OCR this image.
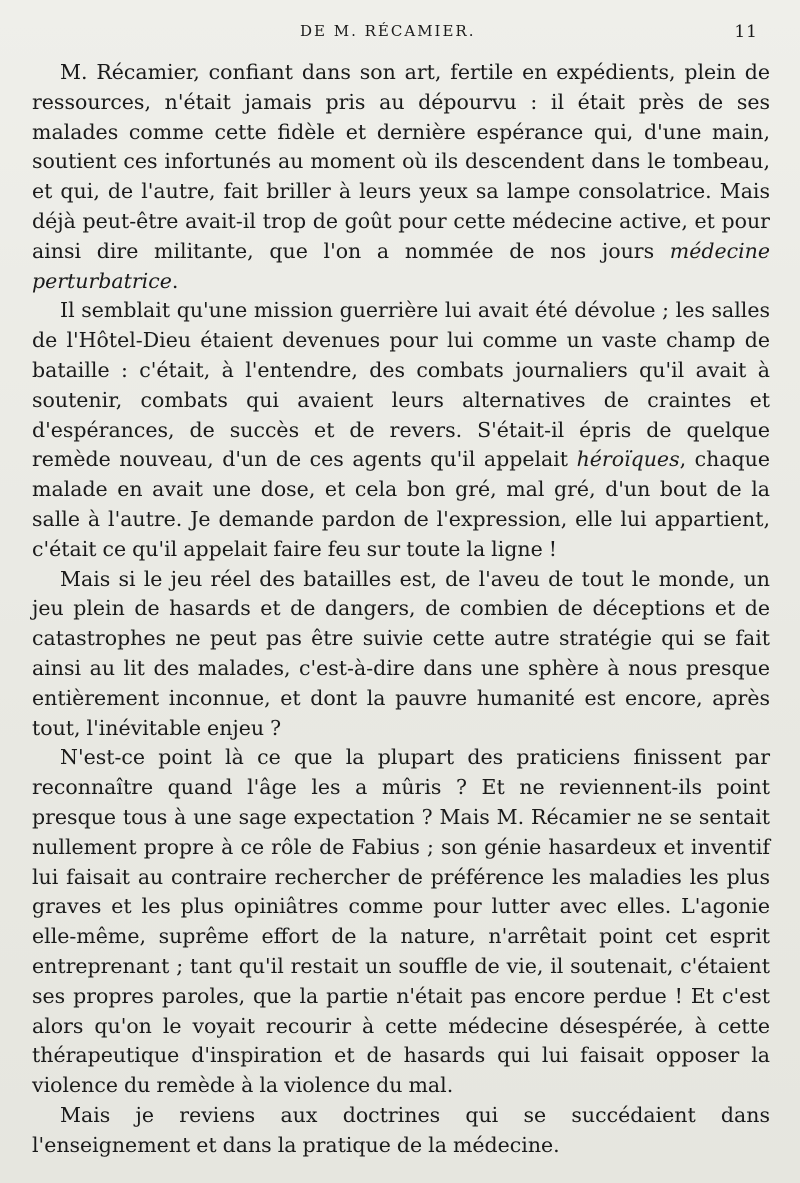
DE M. RÉCAMIER.	11

M. Récamier, confiant dans son art, fertile en expédients, plein de ressources, n'était jamais pris au dépourvu : il était près de ses malades comme cette fidèle et dernière espérance qui, d'une main, soutient ces infortunés au moment où ils descendent dans le tombeau, et qui, de l'autre, fait briller à leurs yeux sa lampe consolatrice. Mais déjà peut-être avait-il trop de goût pour cette médecine active, et pour ainsi dire militante, que l'on a nommée de nos jours médecine perturbatrice.

Il semblait qu'une mission guerrière lui avait été dévolue ; les salles de l'Hôtel-Dieu étaient devenues pour lui comme un vaste champ de bataille : c'était, à l'entendre, des combats journaliers qu'il avait à soutenir, combats qui avaient leurs alternatives de craintes et d'espérances, de succès et de revers. S'était-il épris de quelque remède nouveau, d'un de ces agents qu'il appelait héroïques, chaque malade en avait une dose, et cela bon gré, mal gré, d'un bout de la salle à l'autre. Je demande pardon de l'expression, elle lui appartient, c'était ce qu'il appelait faire feu sur toute la ligne !

Mais si le jeu réel des batailles est, de l'aveu de tout le monde, un jeu plein de hasards et de dangers, de combien de déceptions et de catastrophes ne peut pas être suivie cette autre stratégie qui se fait ainsi au lit des malades, c'est-à-dire dans une sphère à nous presque entièrement inconnue, et dont la pauvre humanité est encore, après tout, l'inévitable enjeu ?

N'est-ce point là ce que la plupart des praticiens finissent par reconnaître quand l'âge les a mûris ? Et ne reviennent-ils point presque tous à une sage expectation ? Mais M. Récamier ne se sentait nullement propre à ce rôle de Fabius ; son génie hasardeux et inventif lui faisait au contraire rechercher de préférence les maladies les plus graves et les plus opiniâtres comme pour lutter avec elles. L'agonie elle-même, suprême effort de la nature, n'arrêtait point cet esprit entreprenant ; tant qu'il restait un souffle de vie, il soutenait, c'étaient ses propres paroles, que la partie n'était pas encore perdue ! Et c'est alors qu'on le voyait recourir à cette médecine désespérée, à cette thérapeutique d'inspiration et de hasards qui lui faisait opposer la violence du remède à la violence du mal.

Mais je reviens aux doctrines qui se succédaient dans l'enseignement et dans la pratique de la médecine.
